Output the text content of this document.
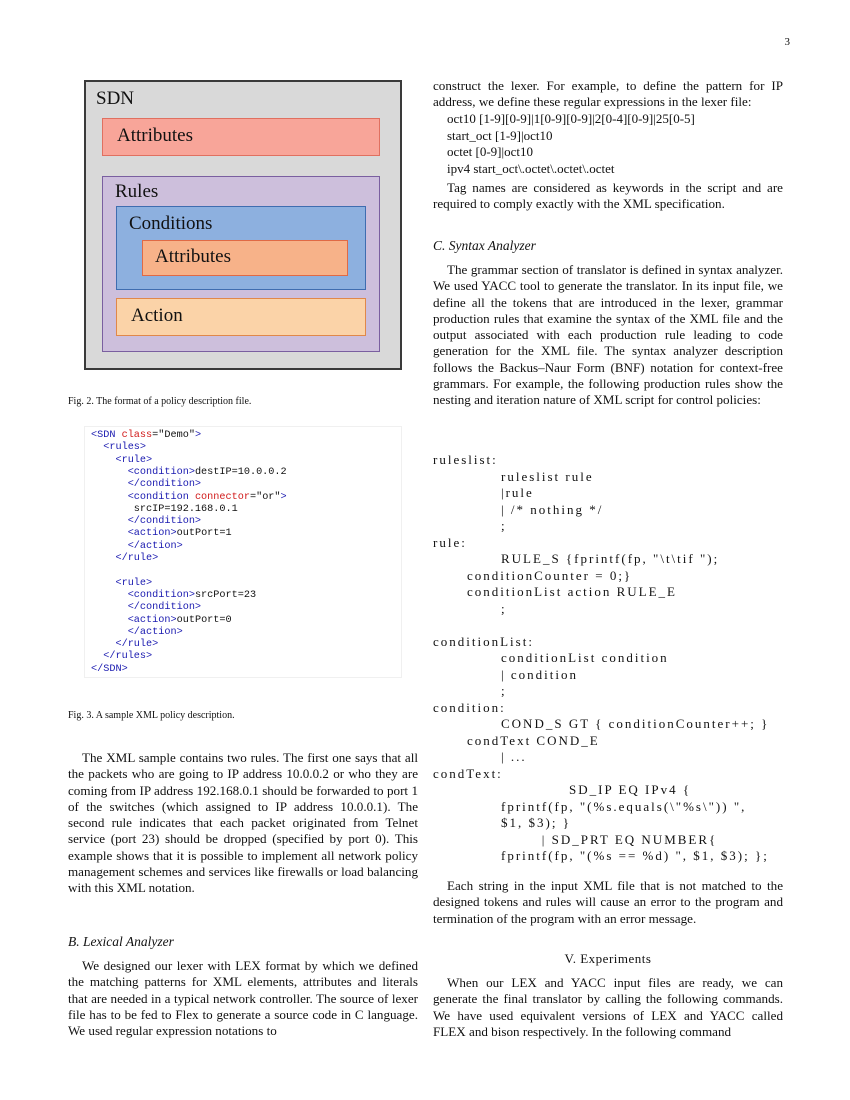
3
SDN
Attributes
Rules
Conditions
Attributes
Action
Fig. 2. The format of a policy description file.
<SDN class="Demo">
<rules>
<rule>
<condition>destIP=10.0.0.2
</condition>
<condition connector="or">
srcIP=192.168.0.1
</condition>
<action>outPort=1
</action>
</rule>
<rule>
<condition>srcPort=23
</condition>
<action>outPort=0
</action>
</rule>
</rules>
</SDN>
Fig. 3. A sample XML policy description.

The XML sample contains two rules. The first one says that all the packets who are going to IP address 10.0.0.2 or who they are coming from IP address 192.168.0.1 should be forwarded to port 1 of the switches (which assigned to IP address 10.0.0.1). The second rule indicates that each packet originated from Telnet service (port 23) should be dropped (specified by port 0). This example shows that it is possible to implement all network policy management schemes and services like firewalls or load balancing with this XML notation.

B. Lexical Analyzer

We designed our lexer with LEX format by which we defined the matching patterns for XML elements, attributes and literals that are needed in a typical network controller. The source of lexer file has to be fed to Flex to generate a source code in C language. We used regular expression notations to

construct the lexer. For example, to define the pattern for IP address, we define these regular expressions in the lexer file:

oct10 [1-9][0-9]|1[0-9][0-9]|2[0-4][0-9]|25[0-5]
start_oct [1-9]|oct10
octet [0-9]|oct10
ipv4 start_oct\.octet\.octet\.octet

Tag names are considered as keywords in the script and are required to comply exactly with the XML specification.

C. Syntax Analyzer

The grammar section of translator is defined in syntax analyzer. We used YACC tool to generate the translator. In its input file, we define all the tokens that are introduced in the lexer, grammar production rules that examine the syntax of the XML file and the output associated with each production rule leading to code generation for the XML file. The syntax analyzer description follows the Backus–Naur Form (BNF) notation for context-free grammars. For example, the following production rules show the nesting and iteration nature of XML script for control policies:

ruleslist:
ruleslist rule
|rule
| /* nothing */
;
rule:
RULE_S {fprintf(fp, "\t\tif ");
conditionCounter = 0;}
conditionList action RULE_E
;
conditionList:
conditionList condition
| condition
;
condition:
COND_S GT { conditionCounter++; }
condText COND_E
| ...
condText:
SD_IP EQ IPv4 {
fprintf(fp, "(%s.equals(\"%s\")) ",
$1, $3); }
| SD_PRT EQ NUMBER{
fprintf(fp, "(%s == %d) ", $1, $3); };

Each string in the input XML file that is not matched to the designed tokens and rules will cause an error to the program and termination of the program with an error message.

V. Experiments

When our LEX and YACC input files are ready, we can generate the final translator by calling the following commands. We have used equivalent versions of LEX and YACC called FLEX and bison respectively. In the following command
